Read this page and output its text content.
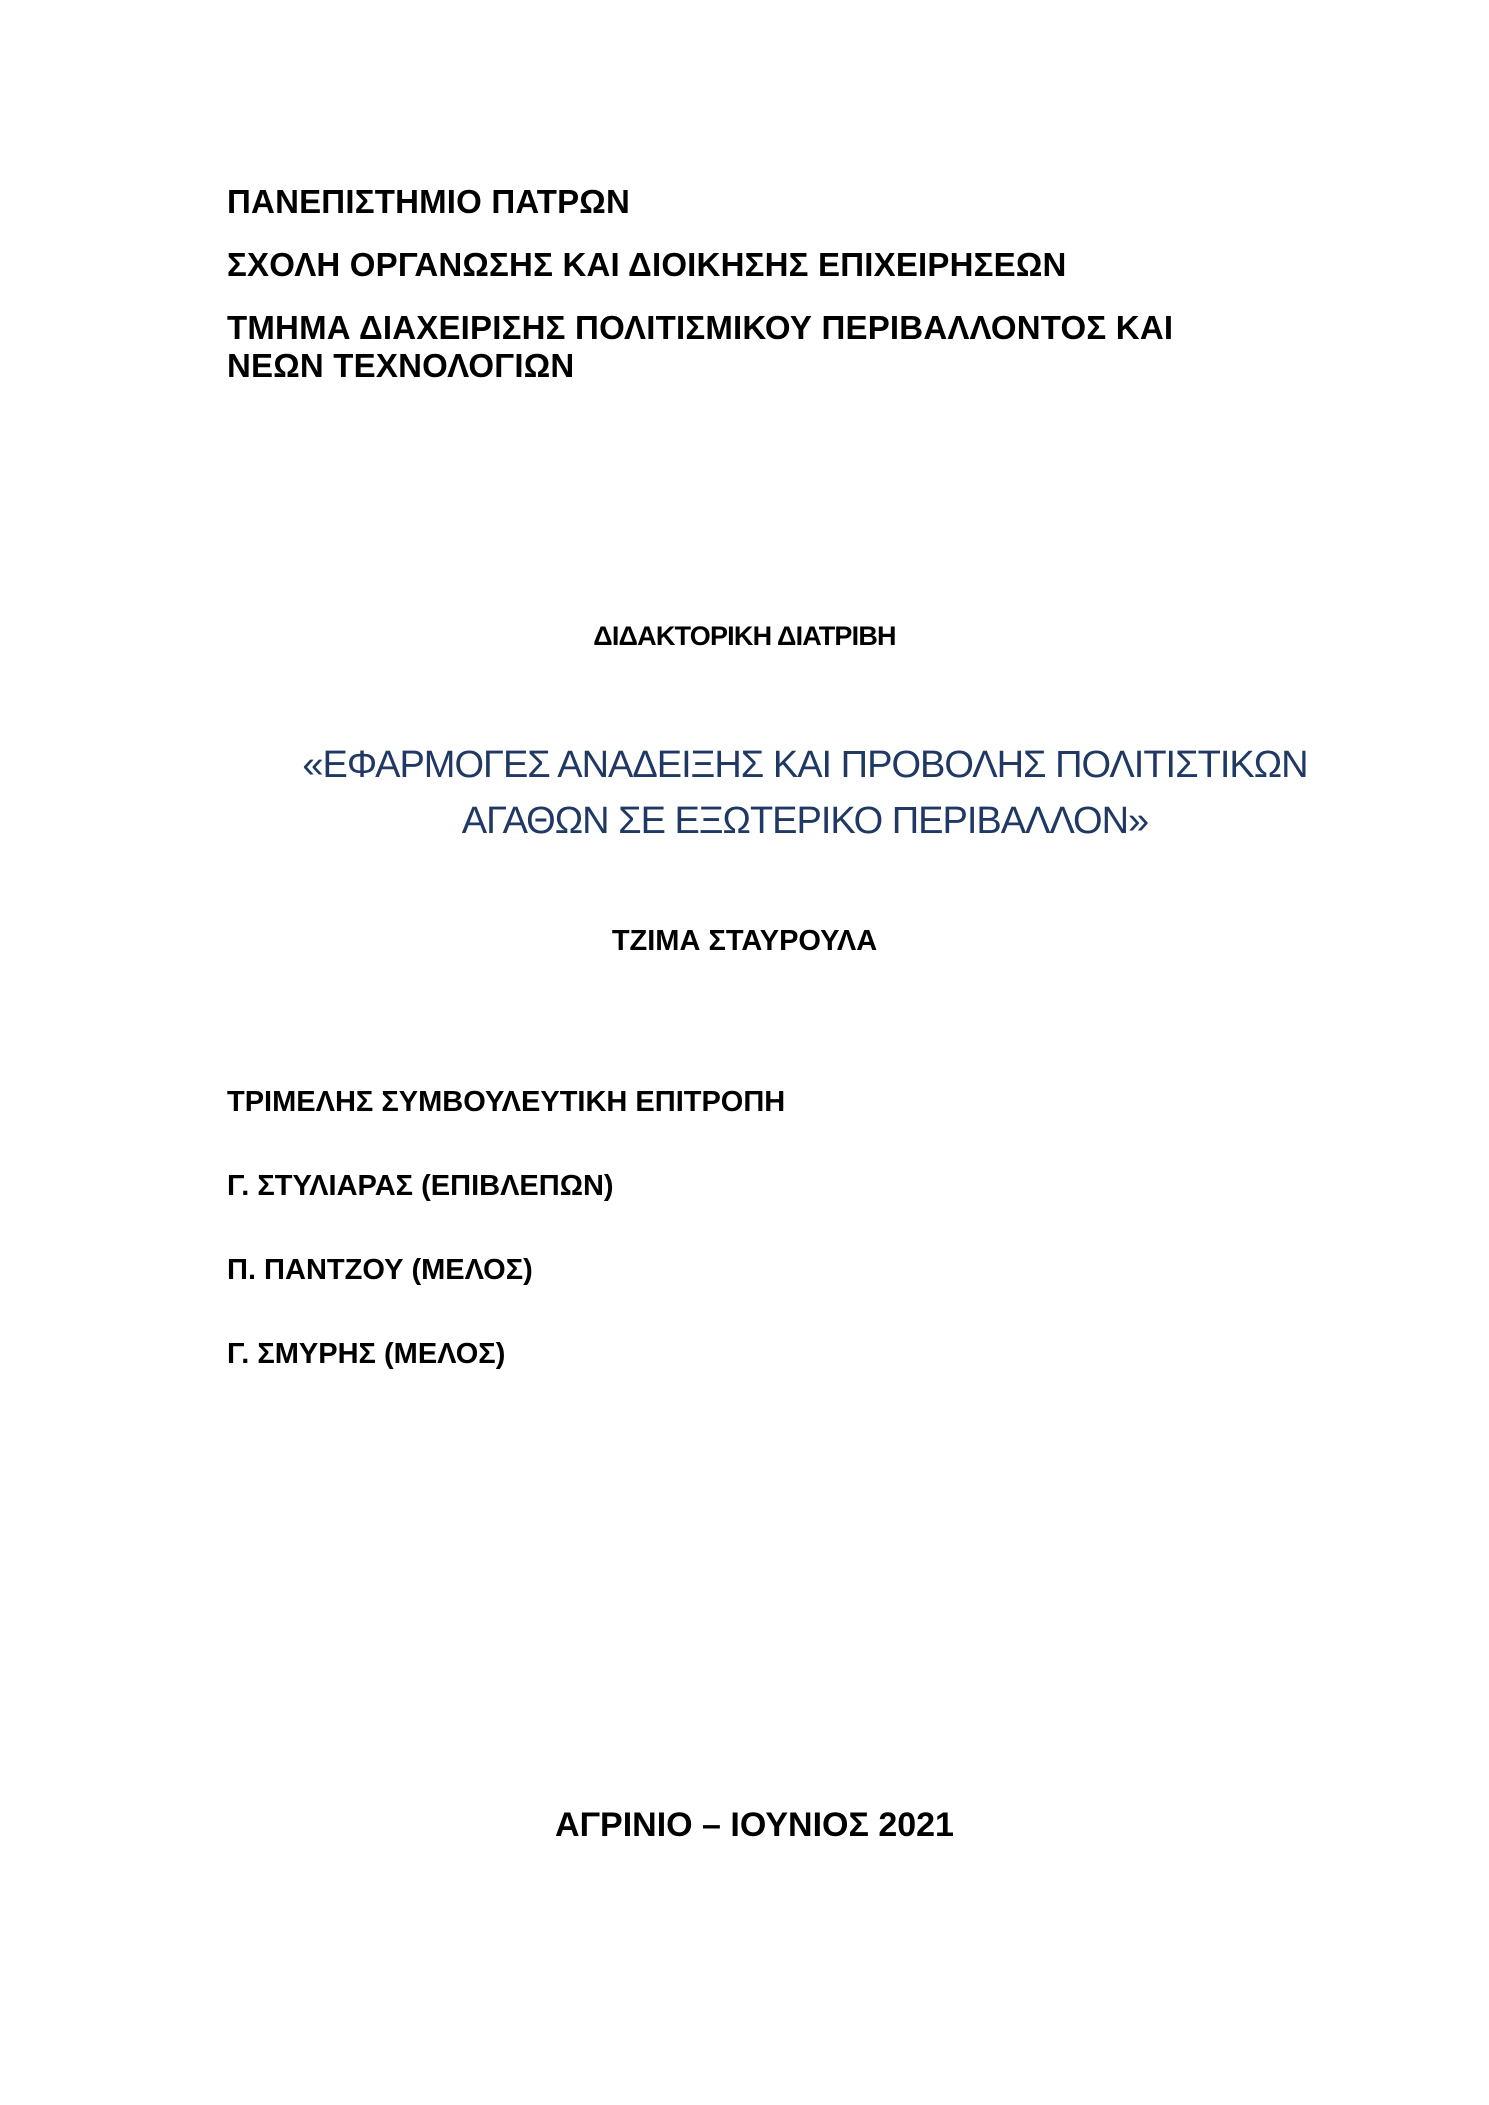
ΠΑΝΕΠΙΣΤΗΜΙΟ ΠΑΤΡΩΝ
ΣΧΟΛΗ ΟΡΓΑΝΩΣΗΣ ΚΑΙ ΔΙΟΙΚΗΣΗΣ ΕΠΙΧΕΙΡΗΣΕΩΝ
ΤΜΗΜΑ ΔΙΑΧΕΙΡΙΣΗΣ ΠΟΛΙΤΙΣΜΙΚΟΥ ΠΕΡΙΒΑΛΛΟΝΤΟΣ ΚΑΙ
ΝΕΩΝ ΤΕΧΝΟΛΟΓΙΩΝ
ΔΙΔΑΚΤΟΡΙΚΗ ΔΙΑΤΡΙΒΗ
«ΕΦΑΡΜΟΓΕΣ ΑΝΑΔΕΙΞΗΣ ΚΑΙ ΠΡΟΒΟΛΗΣ ΠΟΛΙΤΙΣΤΙΚΩΝ
ΑΓΑΘΩΝ ΣΕ ΕΞΩΤΕΡΙΚΟ ΠΕΡΙΒΑΛΛΟΝ»
ΤΖΙΜΑ ΣΤΑΥΡΟΥΛΑ
ΤΡΙΜΕΛΗΣ ΣΥΜΒΟΥΛΕΥΤΙΚΗ ΕΠΙΤΡΟΠΗ
Γ. ΣΤΥΛΙΑΡΑΣ (ΕΠΙΒΛΕΠΩΝ)
Π. ΠΑΝΤΖΟΥ (ΜΕΛΟΣ)
Γ. ΣΜΥΡΗΣ (ΜΕΛΟΣ)
ΑΓΡΙΝΙΟ – ΙΟΥΝΙΟΣ 2021
